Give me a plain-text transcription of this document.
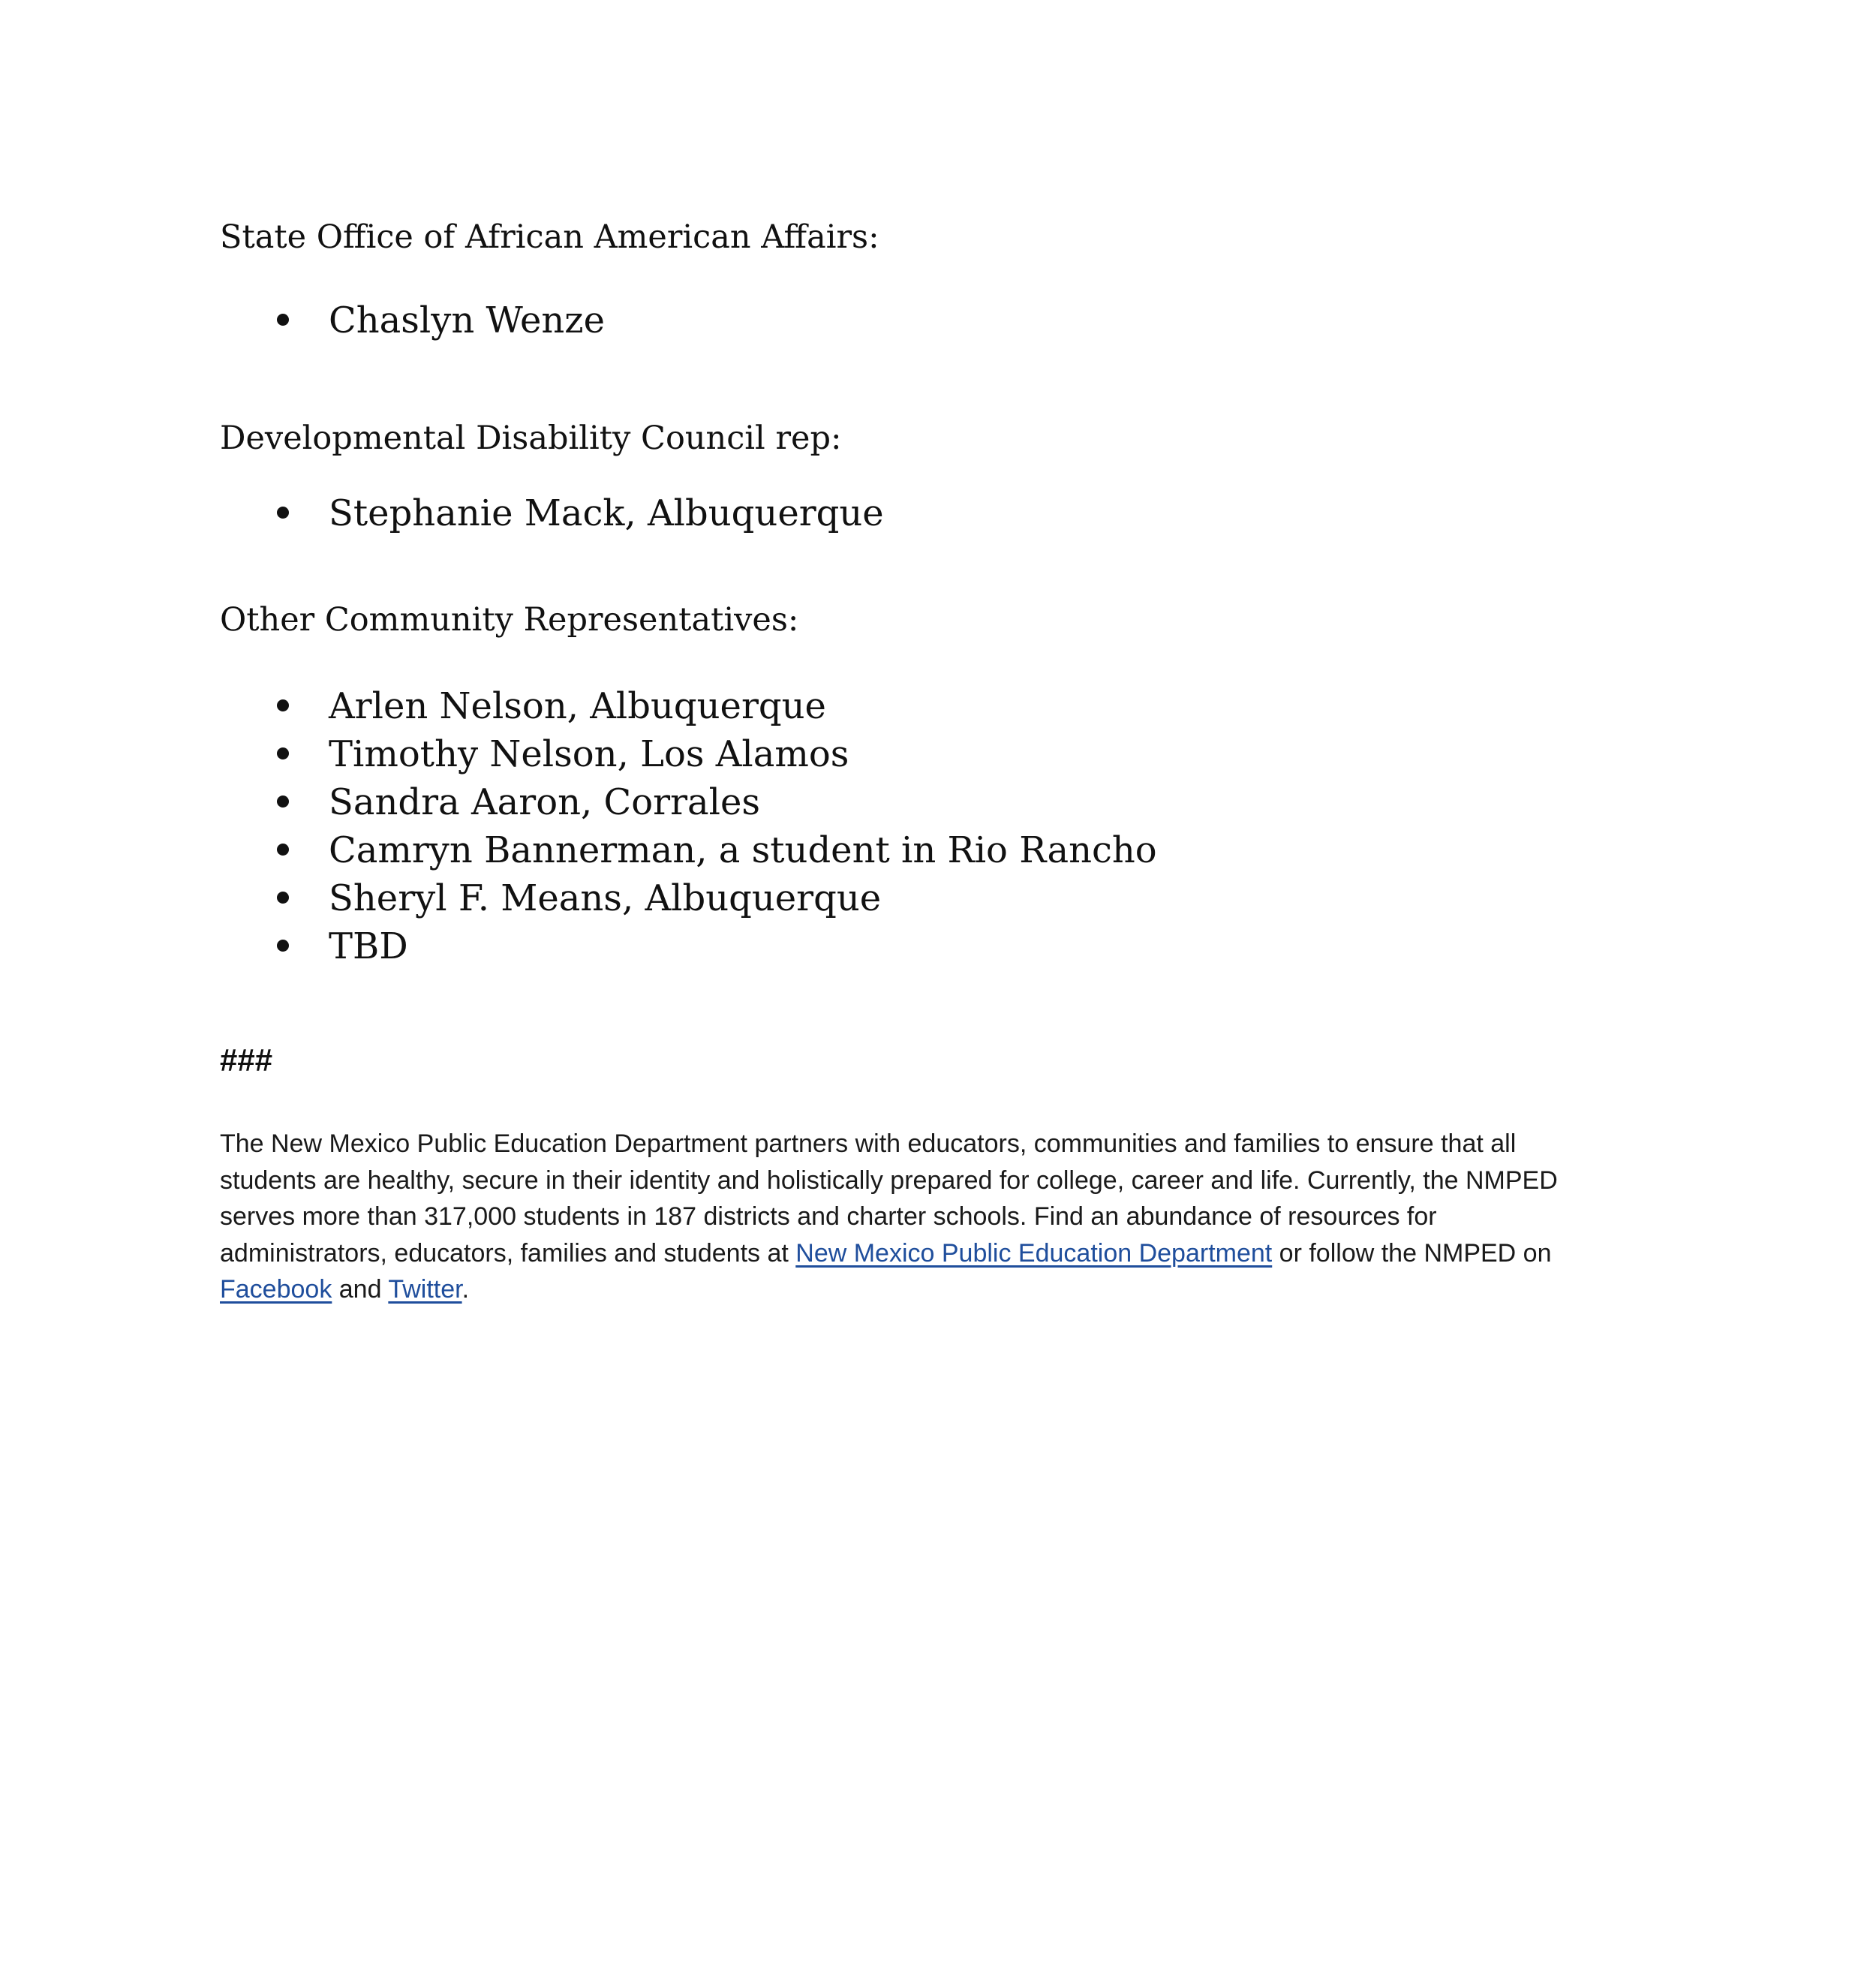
State Office of African American Affairs:

Chaslyn Wenze

Developmental Disability Council rep:

Stephanie Mack, Albuquerque

Other Community Representatives:

Arlen Nelson, Albuquerque
Timothy Nelson, Los Alamos
Sandra Aaron, Corrales
Camryn Bannerman, a student in Rio Rancho
Sheryl F. Means, Albuquerque
TBD

###

The New Mexico Public Education Department partners with educators, communities and families to ensure that all students are healthy, secure in their identity and holistically prepared for college, career and life. Currently, the NMPED serves more than 317,000 students in 187 districts and charter schools. Find an abundance of resources for administrators, educators, families and students at New Mexico Public Education Department or follow the NMPED on Facebook and Twitter.
